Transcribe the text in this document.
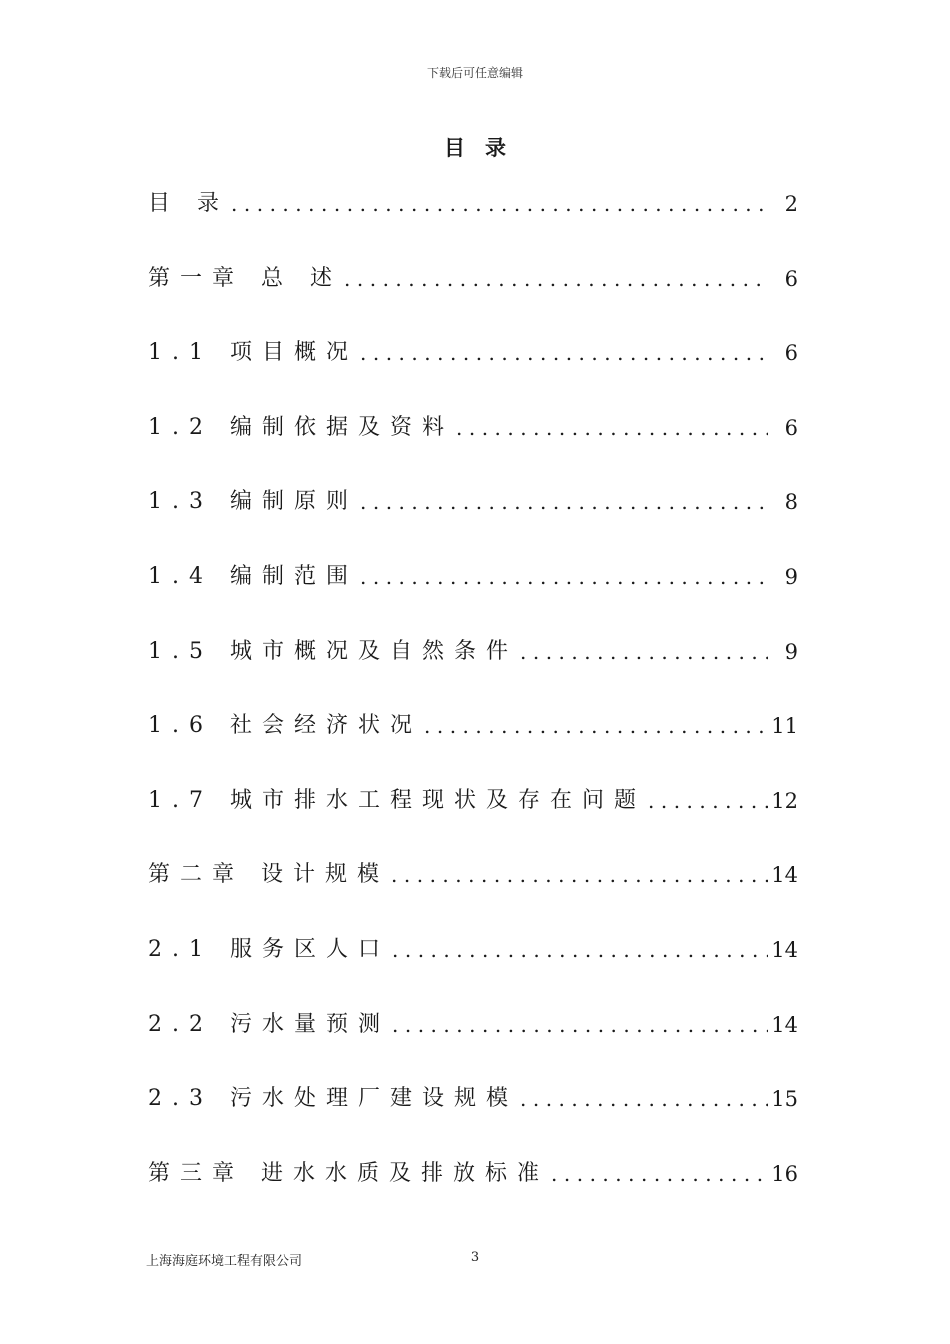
下载后可任意编辑
目录
目 录 .....	2
第一章 总 述 .....	6
1.1 项目概况 .....	6
1.2 编制依据及资料 .....	6
1.3 编制原则 .....	8
1.4 编制范围 .....	9
1.5 城市概况及自然条件 .....	9
1.6 社会经济状况 .....	11
1.7 城市排水工程现状及存在问题 .....	12
第二章 设计规模 .....	14
2.1 服务区人口 .....	14
2.2 污水量预测 .....	14
2.3 污水处理厂建设规模 .....	15
第三章 进水水质及排放标准 .....	16
上海海庭环境工程有限公司	3
